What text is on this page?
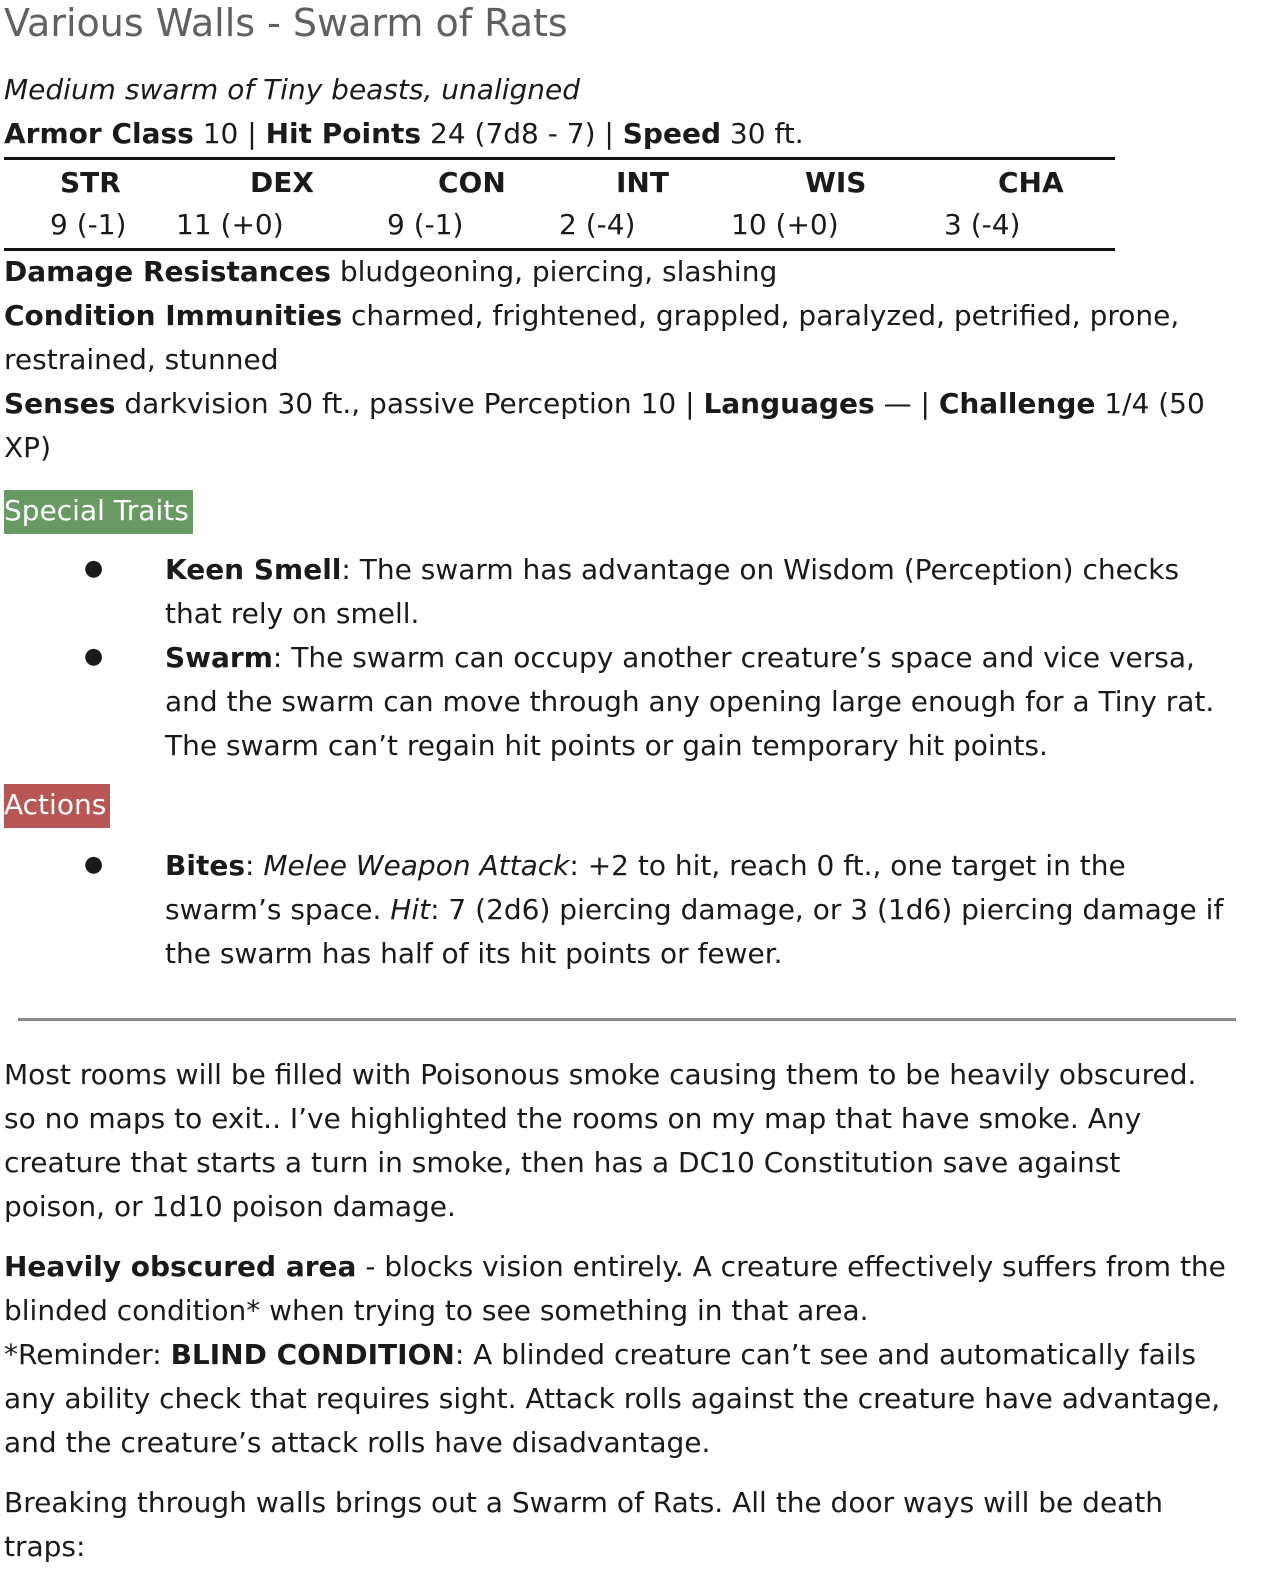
Various Walls - Swarm of Rats
Medium swarm of Tiny beasts, unaligned
Armor Class 10 | Hit Points 24 (7d8 - 7) | Speed 30 ft.
STR	DEX	CON	INT	WIS	CHA
9 (-1) 11 (+0)	9 (-1)	2 (-4)	10 (+0)	3 (-4)
Damage Resistances bludgeoning, piercing, slashing
Condition Immunities charmed, frightened, grappled, paralyzed, petrified, prone,
restrained, stunned
Senses darkvision 30 ft., passive Perception 10 | Languages — | Challenge 1/4 (50
XP)
Special Traits
● Keen Smell: The swarm has advantage on Wisdom (Perception) checks
that rely on smell.
● Swarm: The swarm can occupy another creature’s space and vice versa,
and the swarm can move through any opening large enough for a Tiny rat.
The swarm can’t regain hit points or gain temporary hit points.
Actions
● Bites: Melee Weapon Attack: +2 to hit, reach 0 ft., one target in the
swarm’s space. Hit: 7 (2d6) piercing damage, or 3 (1d6) piercing damage if
the swarm has half of its hit points or fewer.
Most rooms will be filled with Poisonous smoke causing them to be heavily obscured.
so no maps to exit.. I’ve highlighted the rooms on my map that have smoke. Any
creature that starts a turn in smoke, then has a DC10 Constitution save against
poison, or 1d10 poison damage.
Heavily obscured area - blocks vision entirely. A creature effectively suffers from the
blinded condition* when trying to see something in that area.
*Reminder: BLIND CONDITION: A blinded creature can’t see and automatically fails
any ability check that requires sight. Attack rolls against the creature have advantage,
and the creature’s attack rolls have disadvantage.
Breaking through walls brings out a Swarm of Rats. All the door ways will be death
traps:
